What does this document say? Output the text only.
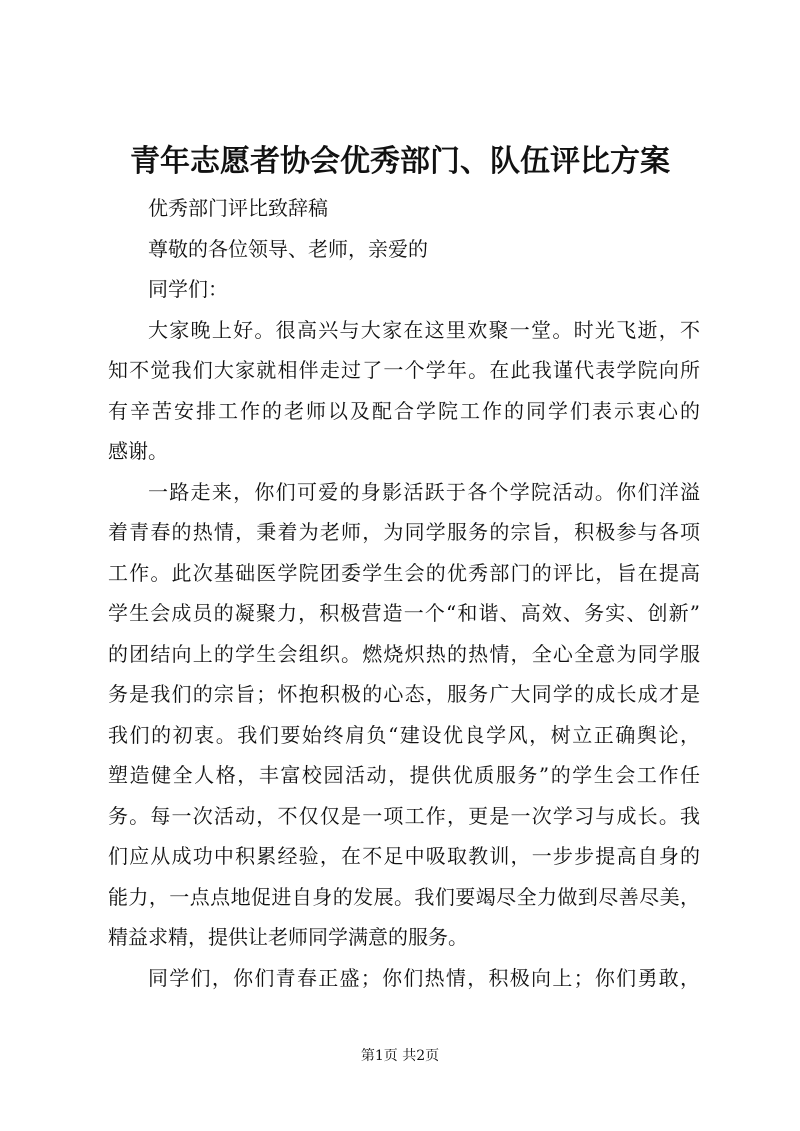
青年志愿者协会优秀部门、队伍评比方案
优秀部门评比致辞稿
尊敬的各位领导、老师，亲爱的
同学们：
大家晚上好。很高兴与大家在这里欢聚一堂。时光飞逝，不
知不觉我们大家就相伴走过了一个学年。在此我谨代表学院向所
有辛苦安排工作的老师以及配合学院工作的同学们表示衷心的
感谢。
一路走来，你们可爱的身影活跃于各个学院活动。你们洋溢
着青春的热情，秉着为老师，为同学服务的宗旨，积极参与各项
工作。此次基础医学院团委学生会的优秀部门的评比，旨在提高
学生会成员的凝聚力，积极营造一个“和谐、高效、务实、创新”
的团结向上的学生会组织。燃烧炽热的热情，全心全意为同学服
务是我们的宗旨；怀抱积极的心态，服务广大同学的成长成才是
我们的初衷。我们要始终肩负“建设优良学风，树立正确舆论，
塑造健全人格，丰富校园活动，提供优质服务”的学生会工作任
务。每一次活动，不仅仅是一项工作，更是一次学习与成长。我
们应从成功中积累经验，在不足中吸取教训，一步步提高自身的
能力，一点点地促进自身的发展。我们要竭尽全力做到尽善尽美，
精益求精，提供让老师同学满意的服务。
同学们，你们青春正盛；你们热情，积极向上；你们勇敢，
第1页 共2页
